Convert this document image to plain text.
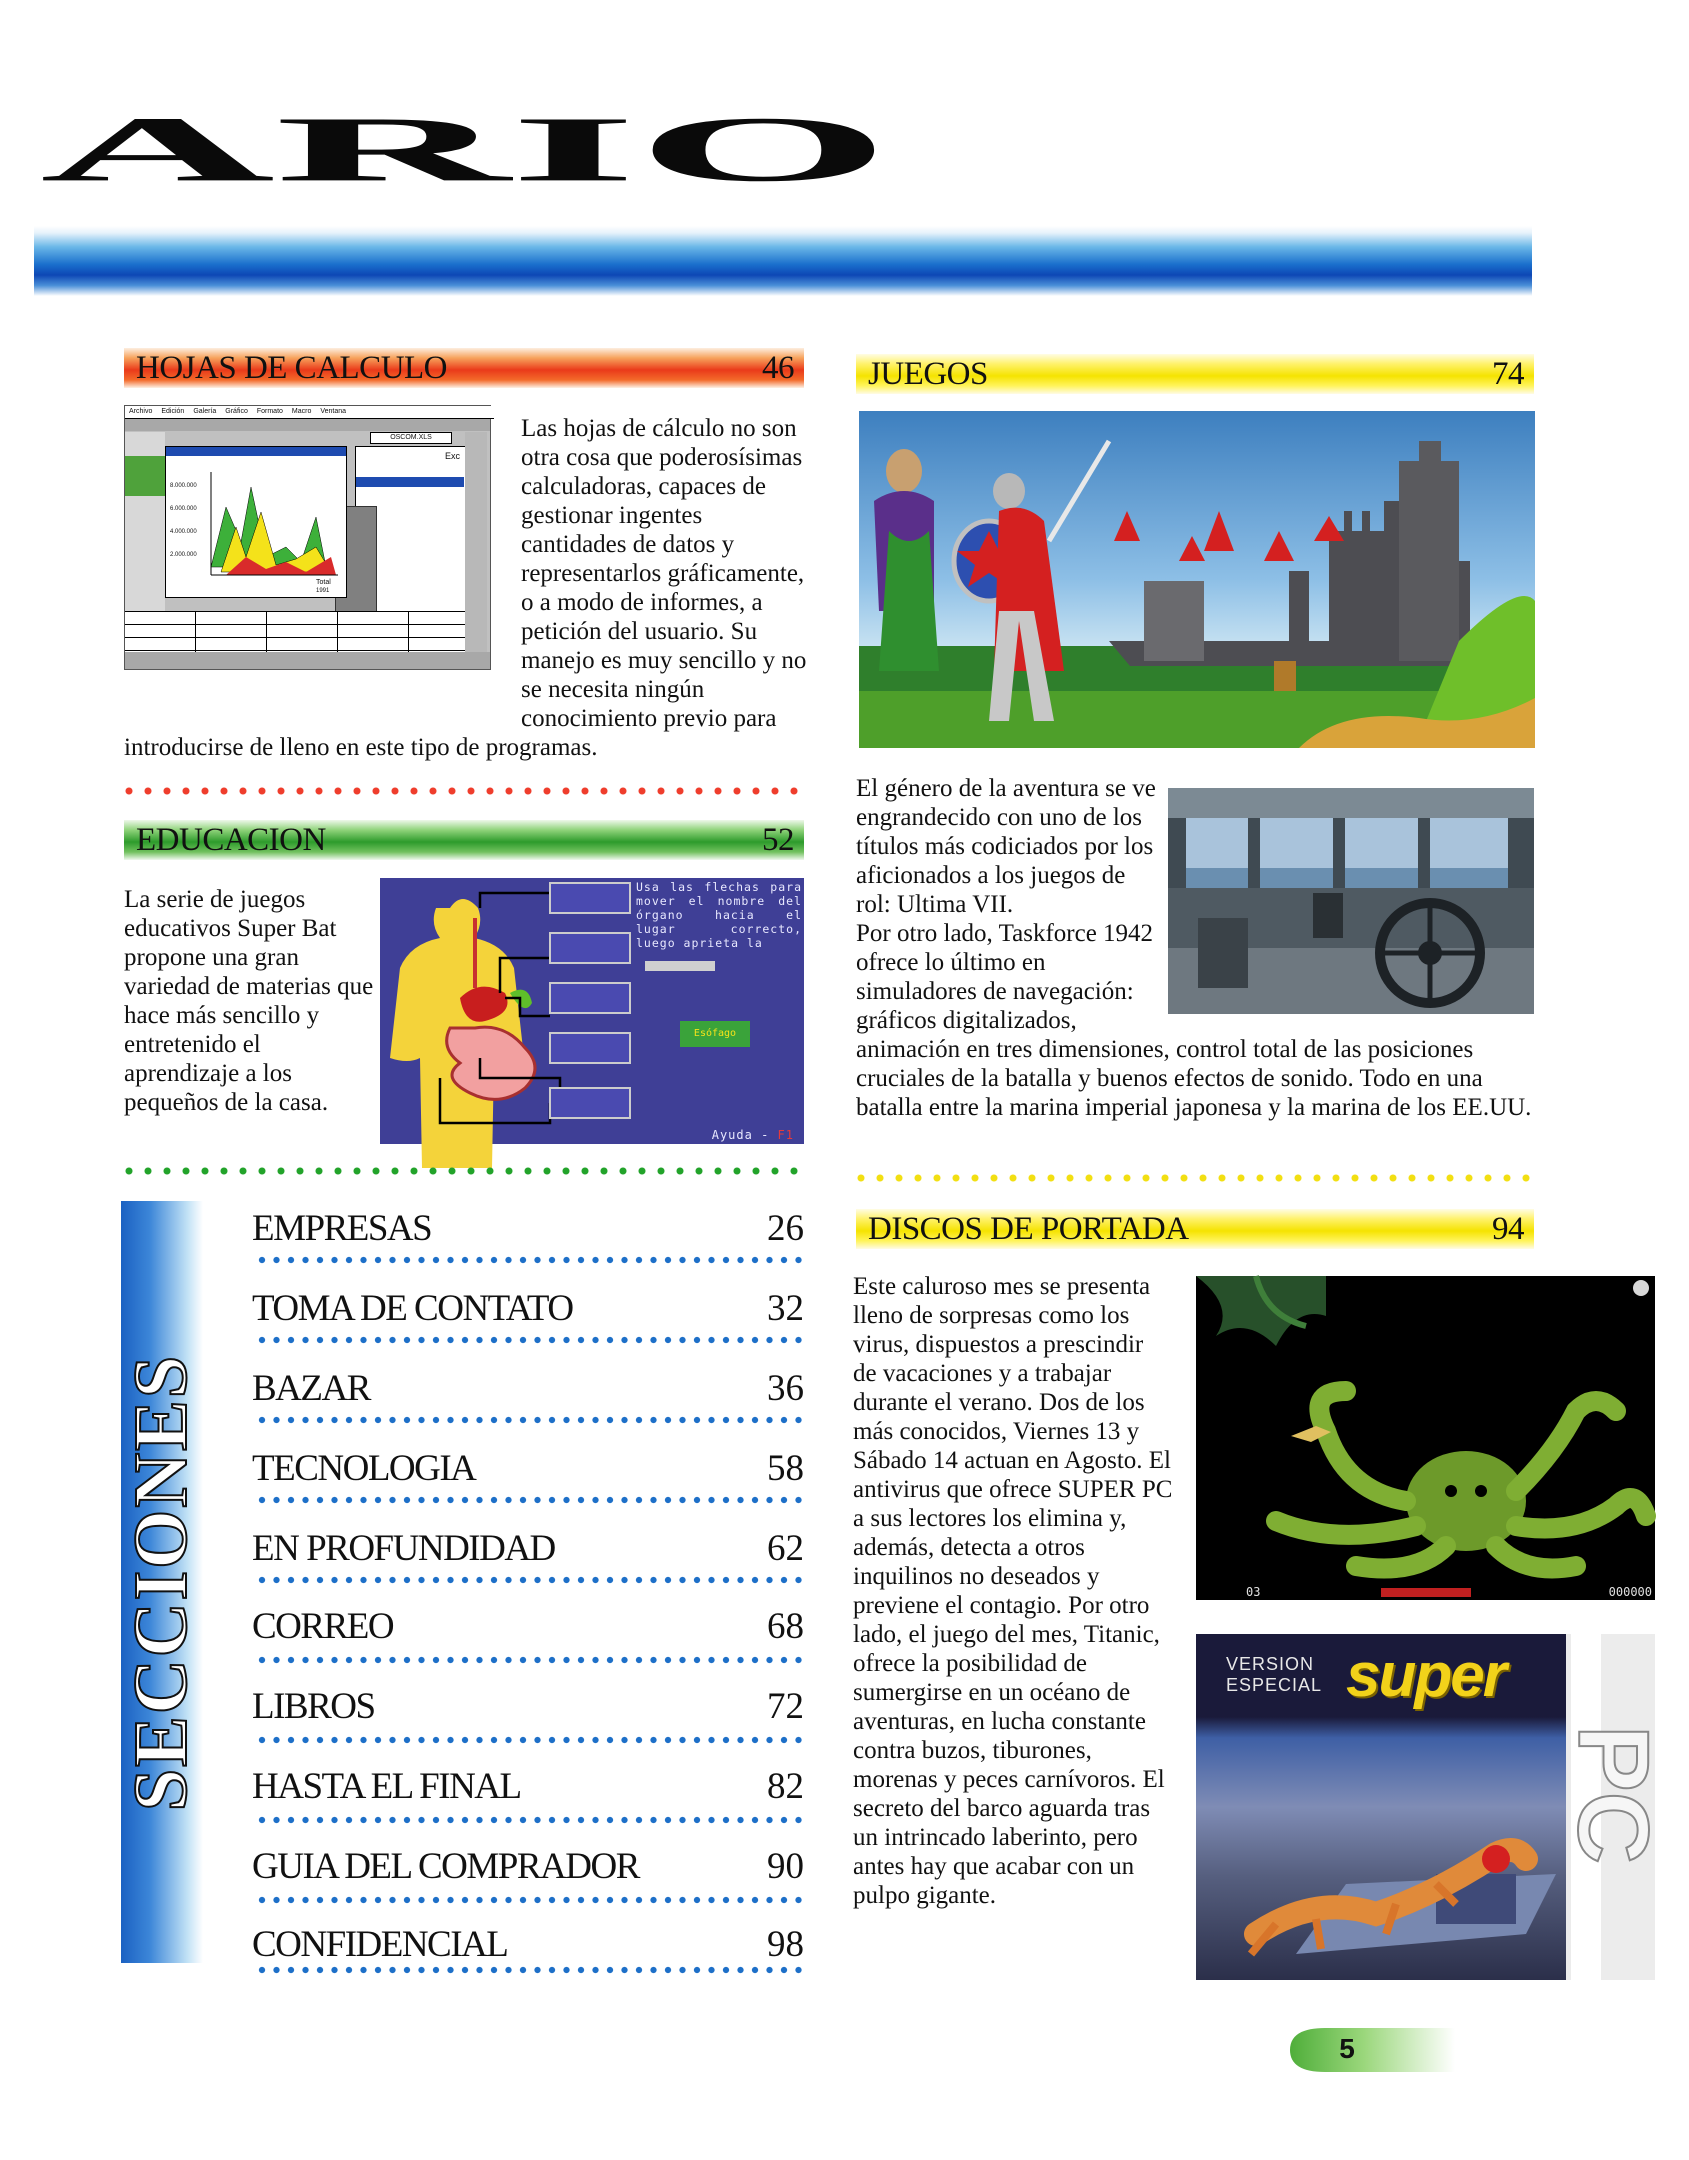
ARIO
HOJAS DE CALCULO	46
Archivo Edición Galería Gráfico Formato Macro Ventana
OSCOM.XLS
Exc
8.000.000
6.000.000
4.000.000
2.000.000
Total
1991
Las hojas de cálculo no son otra cosa que poderosísimas calculadoras, capaces de gestionar ingentes cantidades de datos y representarlos gráficamente, o a modo de informes, a petición del usuario. Su manejo es muy sencillo y no se necesita ningún conocimiento previo para introducirse de lleno en este tipo de programas.
EDUCACION	52
La serie de juegos educativos Super Bat propone una gran variedad de materias que hace más sencillo y entretenido el aprendizaje a los pequeños de la casa.
Usa las flechas para mover el nombre del órgano hacia el lugar correcto, luego aprieta la
Esófago
Ayuda - F1
SECCIONES
EMPRESAS	26
TOMA DE CONTATO	32
BAZAR	36
TECNOLOGIA	58
EN PROFUNDIDAD	62
CORREO	68
LIBROS	72
HASTA EL FINAL	82
GUIA DEL COMPRADOR	90
CONFIDENCIAL	98
JUEGOS	74
El género de la aventura se ve engrandecido con uno de los títulos más codiciados por los aficionados a los juegos de rol: Ultima VII.
Por otro lado, Taskforce 1942 ofrece lo último en simuladores de navegación: gráficos digitalizados, animación en tres dimensiones, control total de las posiciones cruciales de la batalla y buenos efectos de sonido. Todo en una batalla entre la marina imperial japonesa y la marina de los EE.UU.
DISCOS DE PORTADA	94
Este caluroso mes se presenta lleno de sorpresas como los virus, dispuestos a prescindir de vacaciones y a trabajar durante el verano. Dos de los más conocidos, Viernes 13 y Sábado 14 actuan en Agosto. El antivirus que ofrece SUPER PC a sus lectores los elimina y, además, detecta a otros inquilinos no deseados y previene el contagio. Por otro lado, el juego del mes, Titanic, ofrece la posibilidad de sumergirse en un océano de aventuras, en lucha constante contra buzos, tiburones, morenas y peces carnívoros. El secreto del barco aguarda tras un intrincado laberinto, pero antes hay que acabar con un pulpo gigante.
03	000000
VERSION
ESPECIAL super
PC
5
